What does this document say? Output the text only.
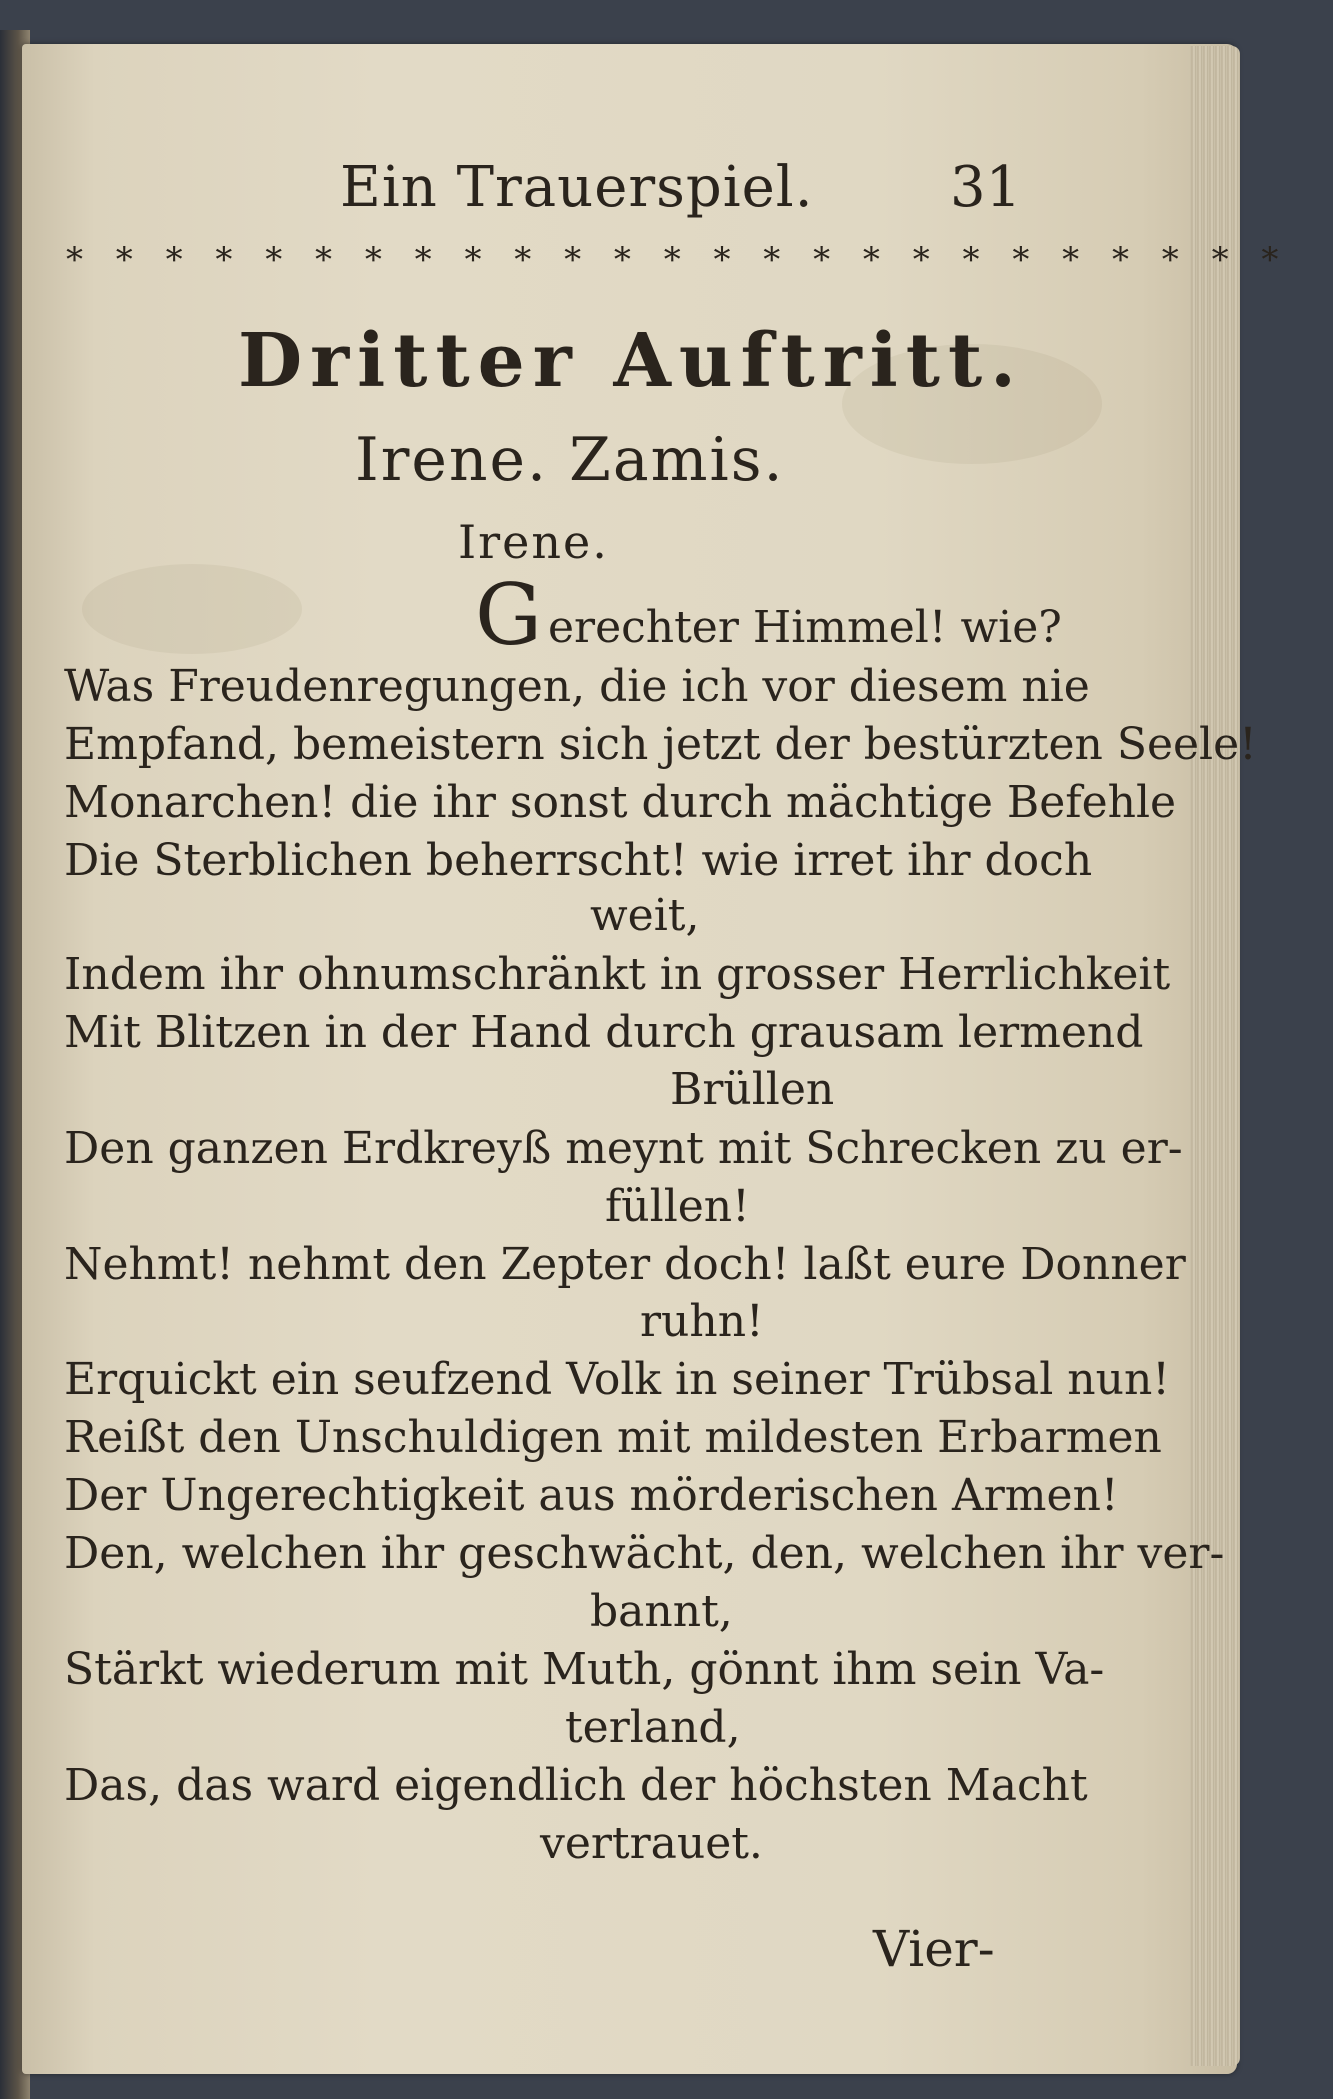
Ein Trauerspiel. 31
* * * * * * * * * * * * * * * * * * * * * * * * *
Dritter Auftritt.
Irene. Zamis.
Irene.
G erechter Himmel! wie?
Was Freudenregungen, die ich vor diesem nie
Empfand, bemeistern sich jetzt der bestürzten Seele!
Monarchen! die ihr sonst durch mächtige Befehle
Die Sterblichen beherrscht! wie irret ihr doch
weit,
Indem ihr ohnumschränkt in grosser Herrlichkeit
Mit Blitzen in der Hand durch grausam lermend
Brüllen
Den ganzen Erdkreyß meynt mit Schrecken zu er-
füllen!
Nehmt! nehmt den Zepter doch! laßt eure Donner
ruhn!
Erquickt ein seufzend Volk in seiner Trübsal nun!
Reißt den Unschuldigen mit mildesten Erbarmen
Der Ungerechtigkeit aus mörderischen Armen!
Den, welchen ihr geschwächt, den, welchen ihr ver-
bannt,
Stärkt wiederum mit Muth, gönnt ihm sein Va-
terland,
Das, das ward eigendlich der höchsten Macht
vertrauet.
Vier-
